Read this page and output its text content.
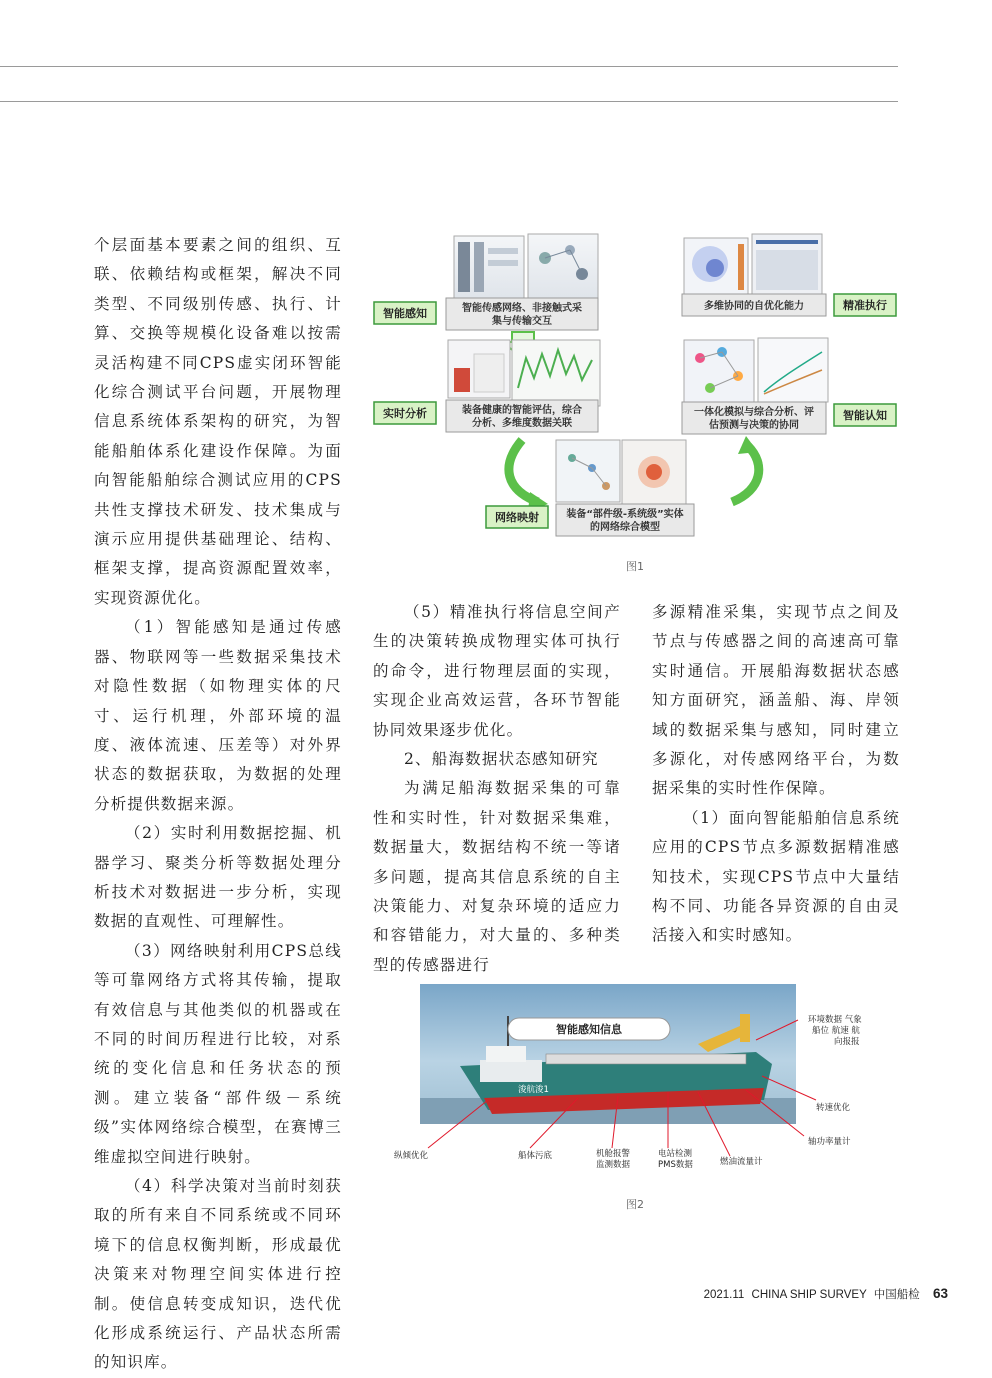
个层面基本要素之间的组织、互联、依赖结构或框架，解决不同类型、不同级别传感、执行、计算、交换等规模化设备难以按需灵活构建不同CPS虚实闭环智能化综合测试平台问题，开展物理信息系统体系架构的研究，为智能船舶体系化建设作保障。为面向智能船舶综合测试应用的CPS共性支撑技术研发、技术集成与演示应用提供基础理论、结构、框架支撑，提高资源配置效率，实现资源优化。

（1）智能感知是通过传感器、物联网等一些数据采集技术对隐性数据（如物理实体的尺寸、运行机理，外部环境的温度、液体流速、压差等）对外界状态的数据获取，为数据的处理分析提供数据来源。

（2）实时利用数据挖掘、机器学习、聚类分析等数据处理分析技术对数据进一步分析，实现数据的直观性、可理解性。

（3）网络映射利用CPS总线等可靠网络方式将其传输，提取有效信息与其他类似的机器或在不同的时间历程进行比较，对系统的变化信息和任务状态的预测。建立装备“部件级－系统级”实体网络综合模型，在赛博三维虚拟空间进行映射。

（4）科学决策对当前时刻获取的所有来自不同系统或不同环境下的信息权衡判断，形成最优决策来对物理空间实体进行控制。使信息转变成知识，迭代优化形成系统运行、产品状态所需的知识库。

（5）精准执行将信息空间产生的决策转换成物理实体可执行的命令，进行物理层面的实现，实现企业高效运营，各环节智能协同效果逐步优化。

2、船海数据状态感知研究

为满足船海数据采集的可靠性和实时性，针对数据采集难，数据量大，数据结构不统一等诸多问题，提高其信息系统的自主决策能力、对复杂环境的适应力和容错能力，对大量的、多种类型的传感器进行

多源精准采集，实现节点之间及节点与传感器之间的高速高可靠实时通信。开展船海数据状态感知方面研究，涵盖船、海、岸领域的数据采集与感知，同时建立多源化，对传感网络平台，为数据采集的实时性作保障。

（1）面向智能船舶信息系统应用的CPS节点多源数据精准感知技术，实现CPS节点中大量结构不同、功能各异资源的自由灵活接入和实时感知。

智能感知	智能传感网络、非接触式采
集与传输交互
实时分析	装备健康的智能评估，综合
分析、多维度数据关联
精准执行
多维协同的自优化能力
智能认知
一体化模拟与综合分析、评
估预测与决策的协同
网络映射	装备“部件级-系统级”实体
的网络综合模型
图1
浚航浚1
智能感知信息
环境数据 气象
船位 航速 航
向报报
转速优化
轴功率量计
纵倾优化	船体污底	机舱报警
监测数据
电站检测
PMS数据	燃油流量计
图2
2021.11 CHINA SHIP SURVEY 中国船检 63
